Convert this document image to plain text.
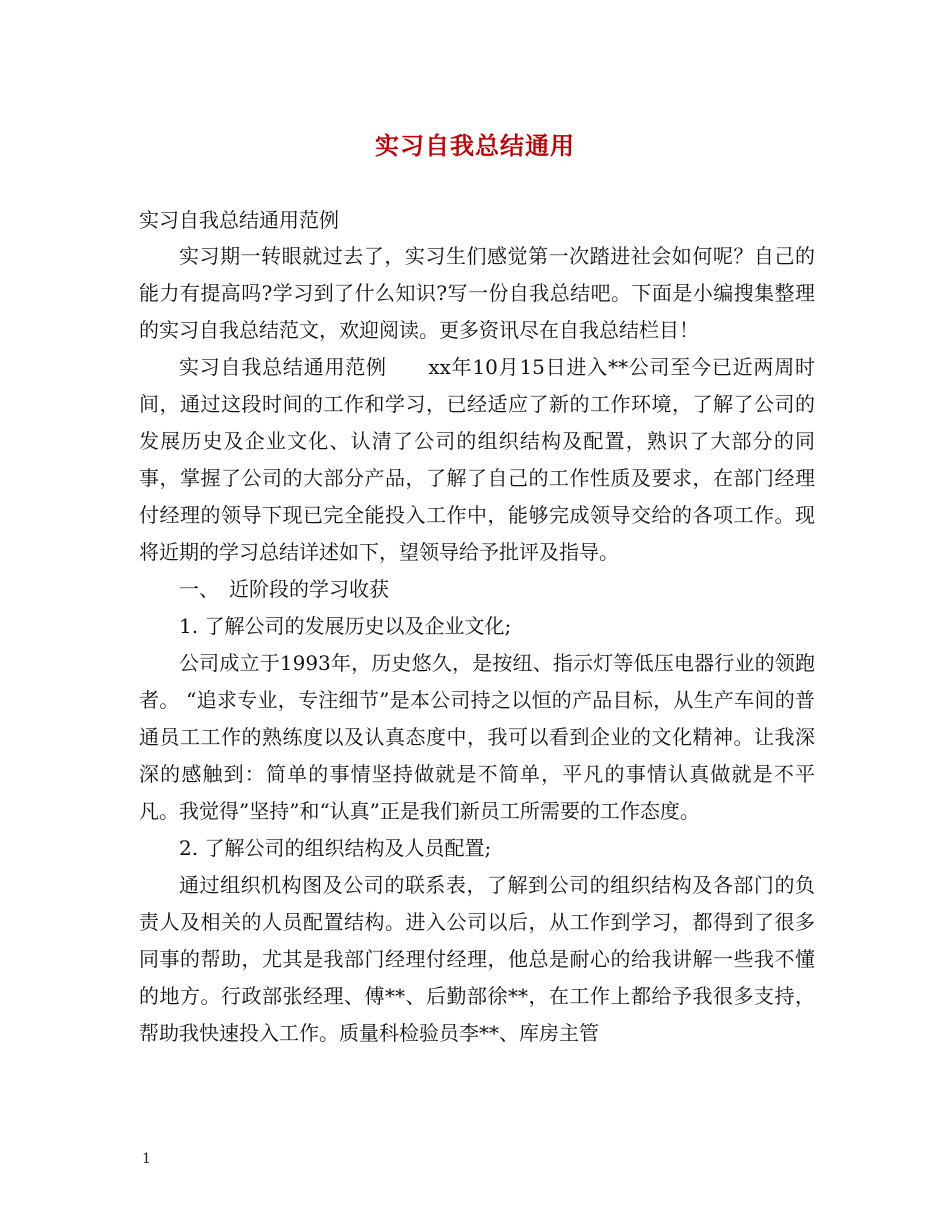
实习自我总结通用
实习自我总结通用范例

实习期一转眼就过去了，实习生们感觉第一次踏进社会如何呢？自己的能力有提高吗?学习到了什么知识?写一份自我总结吧。下面是小编搜集整理的实习自我总结范文，欢迎阅读。更多资讯尽在自我总结栏目！

实习自我总结通用范例　　xx年10月15日进入**公司至今已近两周时间，通过这段时间的工作和学习，已经适应了新的工作环境，了解了公司的发展历史及企业文化、认清了公司的组织结构及配置，熟识了大部分的同事，掌握了公司的大部分产品，了解了自己的工作性质及要求，在部门经理付经理的领导下现已完全能投入工作中，能够完成领导交给的各项工作。现将近期的学习总结详述如下，望领导给予批评及指导。

一、　近阶段的学习收获

1. 了解公司的发展历史以及企业文化;

公司成立于1993年，历史悠久，是按纽、指示灯等低压电器行业的领跑者。 “追求专业，专注细节”是本公司持之以恒的产品目标，从生产车间的普通员工工作的熟练度以及认真态度中，我可以看到企业的文化精神。让我深深的感触到：简单的事情坚持做就是不简单，平凡的事情认真做就是不平凡。我觉得”坚持”和“认真”正是我们新员工所需要的工作态度。

2. 了解公司的组织结构及人员配置;

通过组织机构图及公司的联系表，了解到公司的组织结构及各部门的负责人及相关的人员配置结构。进入公司以后，从工作到学习，都得到了很多同事的帮助，尤其是我部门经理付经理，他总是耐心的给我讲解一些我不懂的地方。行政部张经理、傅**、后勤部徐**，在工作上都给予我很多支持，帮助我快速投入工作。质量科检验员李**、库房主管

1
